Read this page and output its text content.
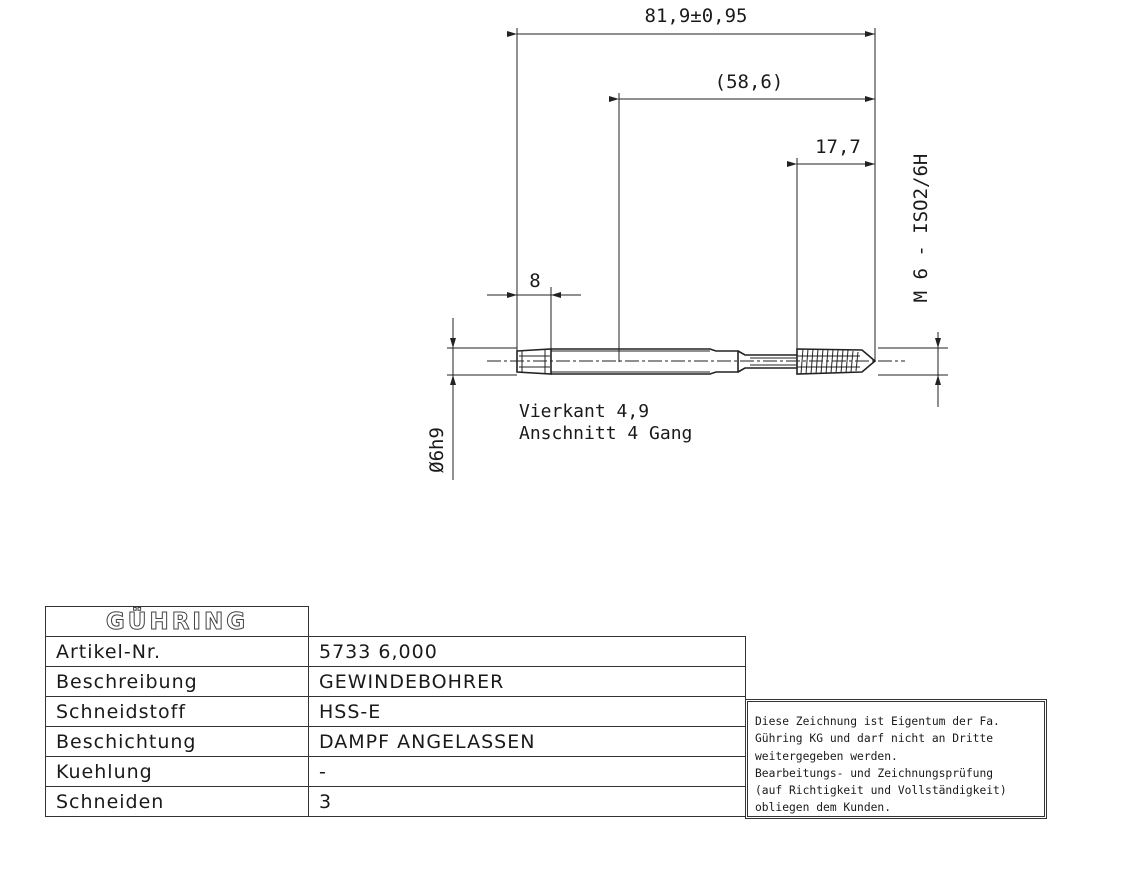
81,9±0,95
(58,6)
17,7
8	M 6 - ISO2/6H
Ø6h9
Vierkant 4,9
Anschnitt 4 Gang
GÜHRING	
Artikel-Nr.	5733 6,000
Beschreibung	GEWINDEBOHRER
Schneidstoff	HSS-E
Beschichtung	DAMPF ANGELASSEN
Kuehlung	-
Schneiden	3
Diese Zeichnung ist Eigentum der Fa.
Gühring KG und darf nicht an Dritte
weitergegeben werden.
Bearbeitungs- und Zeichnungsprüfung
(auf Richtigkeit und Vollständigkeit)
obliegen dem Kunden.
